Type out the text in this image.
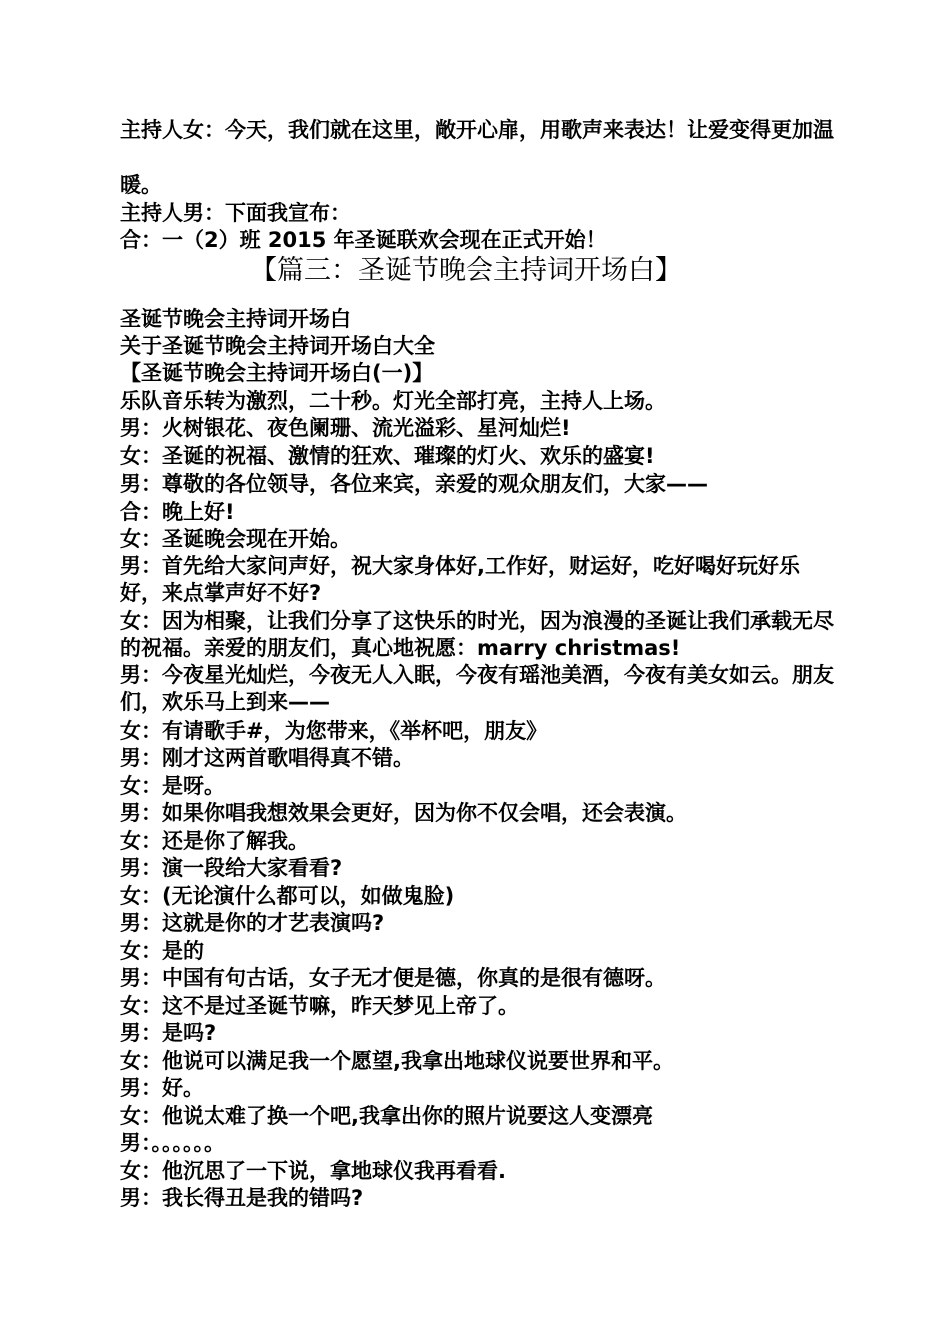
主持人女：今天，我们就在这里，敞开心扉，用歌声来表达！让爱变得更加温
暖。
主持人男：下面我宣布：
合：一（2）班 2015 年圣诞联欢会现在正式开始！
【篇三：圣诞节晚会主持词开场白】
圣诞节晚会主持词开场白
关于圣诞节晚会主持词开场白大全
【圣诞节晚会主持词开场白(一)】
乐队音乐转为激烈，二十秒。灯光全部打亮，主持人上场。
男：火树银花、夜色阑珊、流光溢彩、星河灿烂!
女：圣诞的祝福、激情的狂欢、璀璨的灯火、欢乐的盛宴!
男：尊敬的各位领导，各位来宾，亲爱的观众朋友们，大家——
合：晚上好!
女：圣诞晚会现在开始。
男：首先给大家问声好，祝大家身体好,工作好，财运好，吃好喝好玩好乐好，来点掌声好不好?
女：因为相聚，让我们分享了这快乐的时光，因为浪漫的圣诞让我们承载无尽的祝福。亲爱的朋友们，真心地祝愿：marry christmas!
男：今夜星光灿烂，今夜无人入眠，今夜有瑶池美酒，今夜有美女如云。朋友们，欢乐马上到来——
女：有请歌手#，为您带来，《举杯吧，朋友》
男：刚才这两首歌唱得真不错。
女：是呀。
男：如果你唱我想效果会更好，因为你不仅会唱，还会表演。
女：还是你了解我。
男：演一段给大家看看?
女：(无论演什么都可以，如做鬼脸)
男：这就是你的才艺表演吗?
女：是的
男：中国有句古话，女子无才便是德，你真的是很有德呀。
女：这不是过圣诞节嘛，昨天梦见上帝了。
男：是吗?
女：他说可以满足我一个愿望,我拿出地球仪说要世界和平。
男：好。
女：他说太难了换一个吧,我拿出你的照片说要这人变漂亮
男：。。。。。。
女：他沉思了一下说，拿地球仪我再看看.
男：我长得丑是我的错吗?
